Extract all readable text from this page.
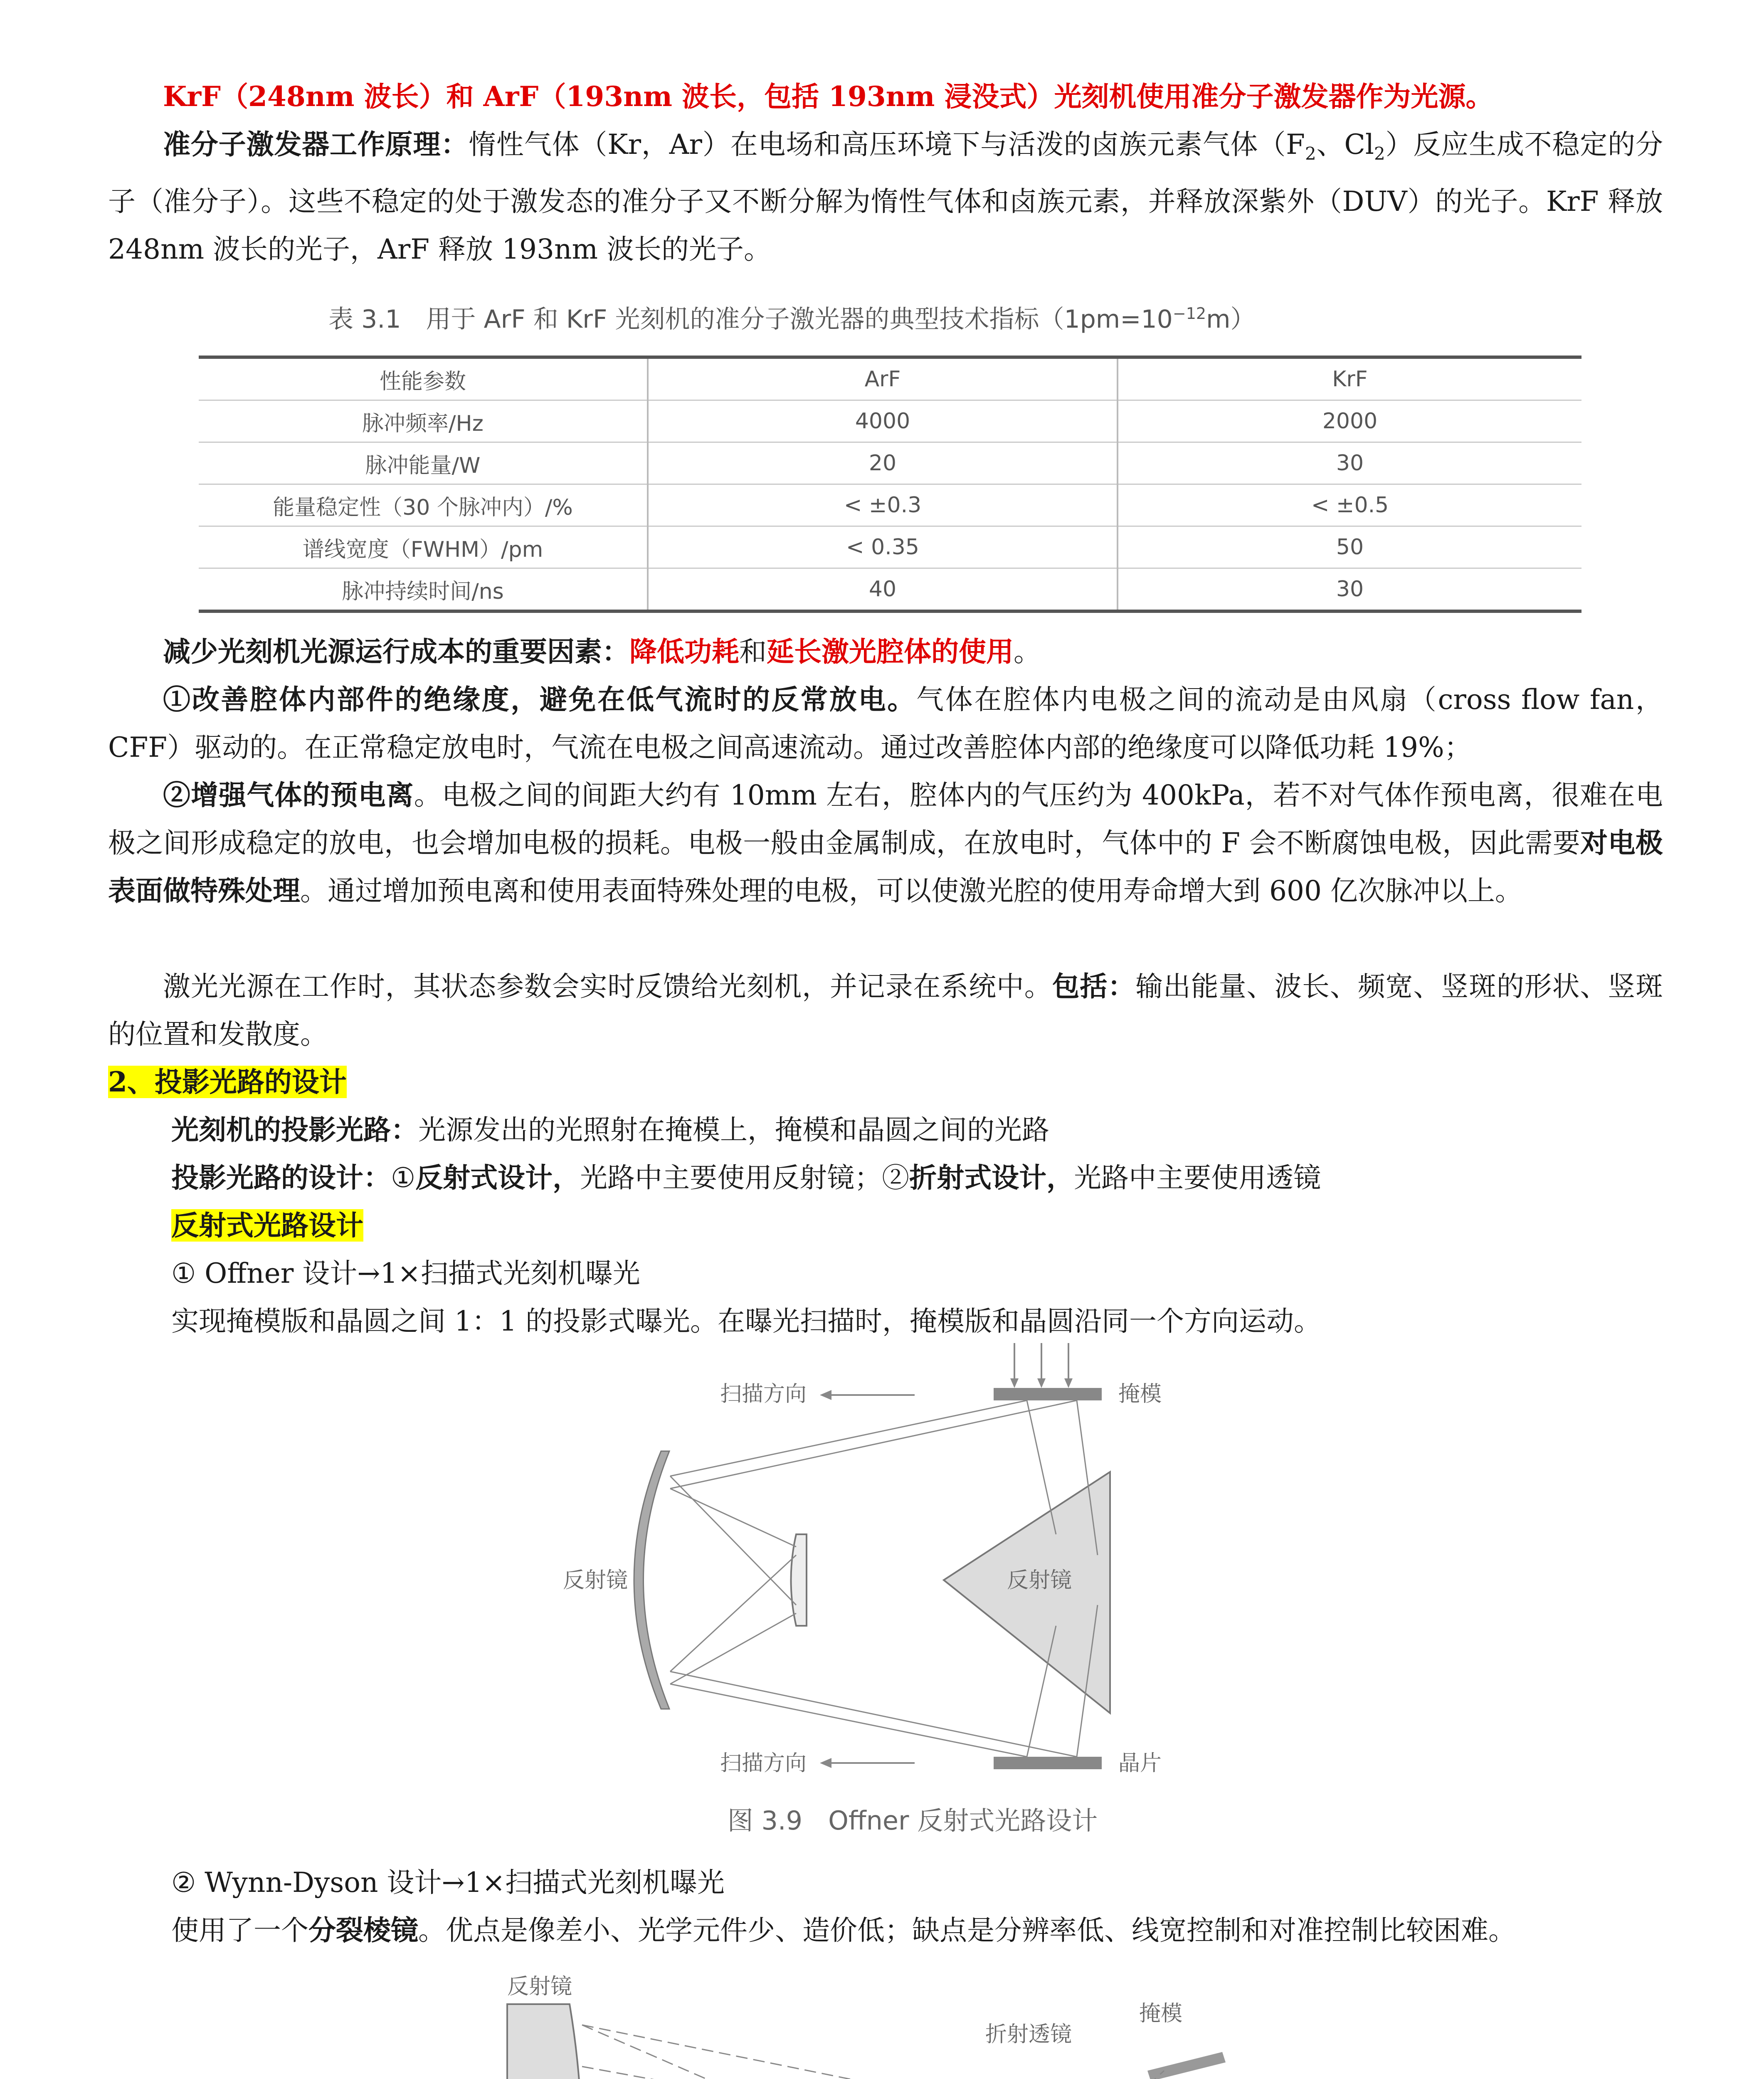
KrF（248nm 波长）和 ArF（193nm 波长，包括 193nm 浸没式）光刻机使用准分子激发器作为光源。
准分子激发器工作原理：惰性气体（Kr，Ar）在电场和高压环境下与活泼的卤族元素气体（$F_2$、$Cl_2$）反应生成不稳定的分子（准分子）。这些不稳定的处于激发态的准分子又不断分解为惰性气体和卤族元素，并释放深紫外（DUV）的光子。KrF 释放 248nm 波长的光子，ArF 释放 193nm 波长的光子。
表 3.1　用于 ArF 和 KrF 光刻机的准分子激光器的典型技术指标$(1pm=10^{-12}m)$
性能参数	ArF	KrF
脉冲频率/Hz	4000	2000
脉冲能量/W	20	30
能量稳定性（30 个脉冲内）/%	< ±0.3	< ±0.5
谱线宽度（FWHM）/pm	< 0.35	50
脉冲持续时间/ns	40	30
减少光刻机光源运行成本的重要因素：降低功耗和延长激光腔体的使用。
①改善腔体内部件的绝缘度，避免在低气流时的反常放电。气体在腔体内电极之间的流动是由风扇（cross flow fan，CFF）驱动的。在正常稳定放电时，气流在电极之间高速流动。通过改善腔体内部的绝缘度可以降低功耗 19%；
②增强气体的预电离。电极之间的间距大约有 10mm 左右，腔体内的气压约为 400kPa，若不对气体作预电离，很难在电极之间形成稳定的放电，也会增加电极的损耗。电极一般由金属制成，在放电时，气体中的 F 会不断腐蚀电极，因此需要对电极表面做特殊处理。通过增加预电离和使用表面特殊处理的电极，可以使激光腔的使用寿命增大到 600 亿次脉冲以上。
激光光源在工作时，其状态参数会实时反馈给光刻机，并记录在系统中。包括：输出能量、波长、频宽、竖斑的形状、竖斑的位置和发散度。
2、投影光路的设计
光刻机的投影光路：光源发出的光照射在掩模上，掩模和晶圆之间的光路
投影光路的设计：①反射式设计，光路中主要使用反射镜；②折射式设计，光路中主要使用透镜
反射式光路设计
① Offner 设计→1×扫描式光刻机曝光
实现掩模版和晶圆之间 1：1 的投影式曝光。在曝光扫描时，掩模版和晶圆沿同一个方向运动。
扫描方向	掩模
反射镜	反射镜
扫描方向	晶片
图 3.9　Offner 反射式光路设计
② Wynn-Dyson 设计→1×扫描式光刻机曝光
使用了一个分裂棱镜。优点是像差小、光学元件少、造价低；缺点是分辨率低、线宽控制和对准控制比较困难。
反射镜
折射透镜
掩模
